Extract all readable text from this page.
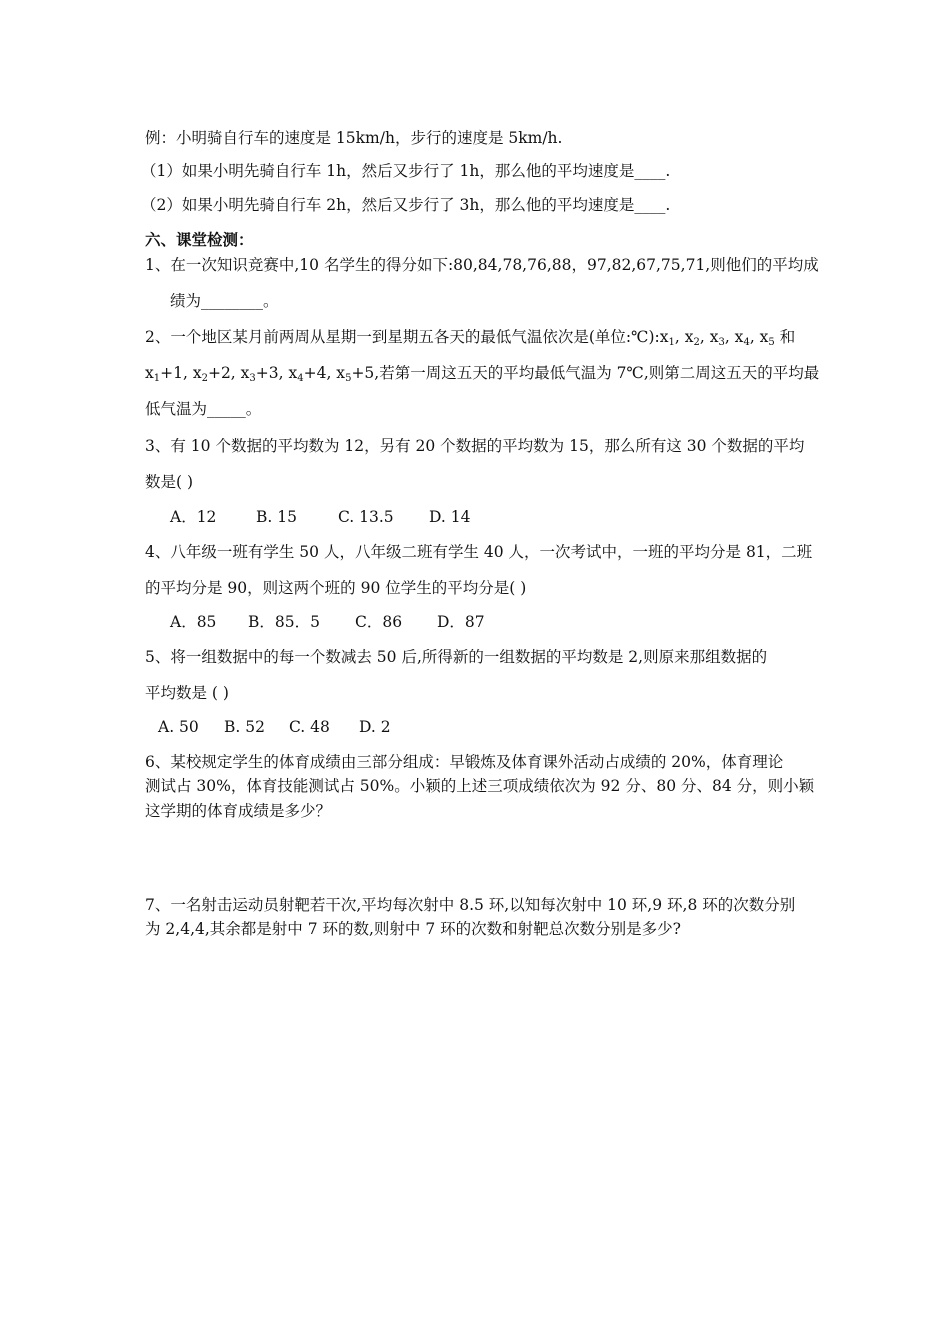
例：小明骑自行车的速度是 15km/h，步行的速度是 5km/h.
（1）如果小明先骑自行车 1h，然后又步行了 1h，那么他的平均速度是____.
（2）如果小明先骑自行车 2h，然后又步行了 3h，那么他的平均速度是____.
六、课堂检测：
1、在一次知识竞赛中,10 名学生的得分如下:80,84,78,76,88，97,82,67,75,71,则他们的平均成
绩为________。
2、一个地区某月前两周从星期一到星期五各天的最低气温依次是(单位$:℃):x_1$, $x_2$, $x_3$, $x_4$, $x_5$ 和
$x_1+1$, $x_2+2$, $x_3+3$, $x_4+4$, $x_5+5$,若第一周这五天的平均最低气温为 7℃,则第二周这五天的平均最
低气温为_____。
3、有 10 个数据的平均数为 12，另有 20 个数据的平均数为 15，那么所有这 30 个数据的平均
数是( )
A．12	B. 15	C. 13.5 D. 14
4、八年级一班有学生 50 人，八年级二班有学生 40 人，一次考试中，一班的平均分是 81，二班
的平均分是 90，则这两个班的 90 位学生的平均分是( )
A．85 B．85．5 C．86 D．87
5、将一组数据中的每一个数减去 50 后,所得新的一组数据的平均数是 2,则原来那组数据的
平均数是 ( )
A. 50 B. 52 C. 48 D. 2
6、某校规定学生的体育成绩由三部分组成：早锻炼及体育课外活动占成绩的 20%，体育理论
测试占 30%，体育技能测试占 50%。小颖的上述三项成绩依次为 92 分、80 分、84 分，则小颖
这学期的体育成绩是多少？
7、一名射击运动员射靶若干次,平均每次射中 8.5 环,以知每次射中 10 环,9 环,8 环的次数分别
为 2,4,4,其余都是射中 7 环的数,则射中 7 环的次数和射靶总次数分别是多少?
